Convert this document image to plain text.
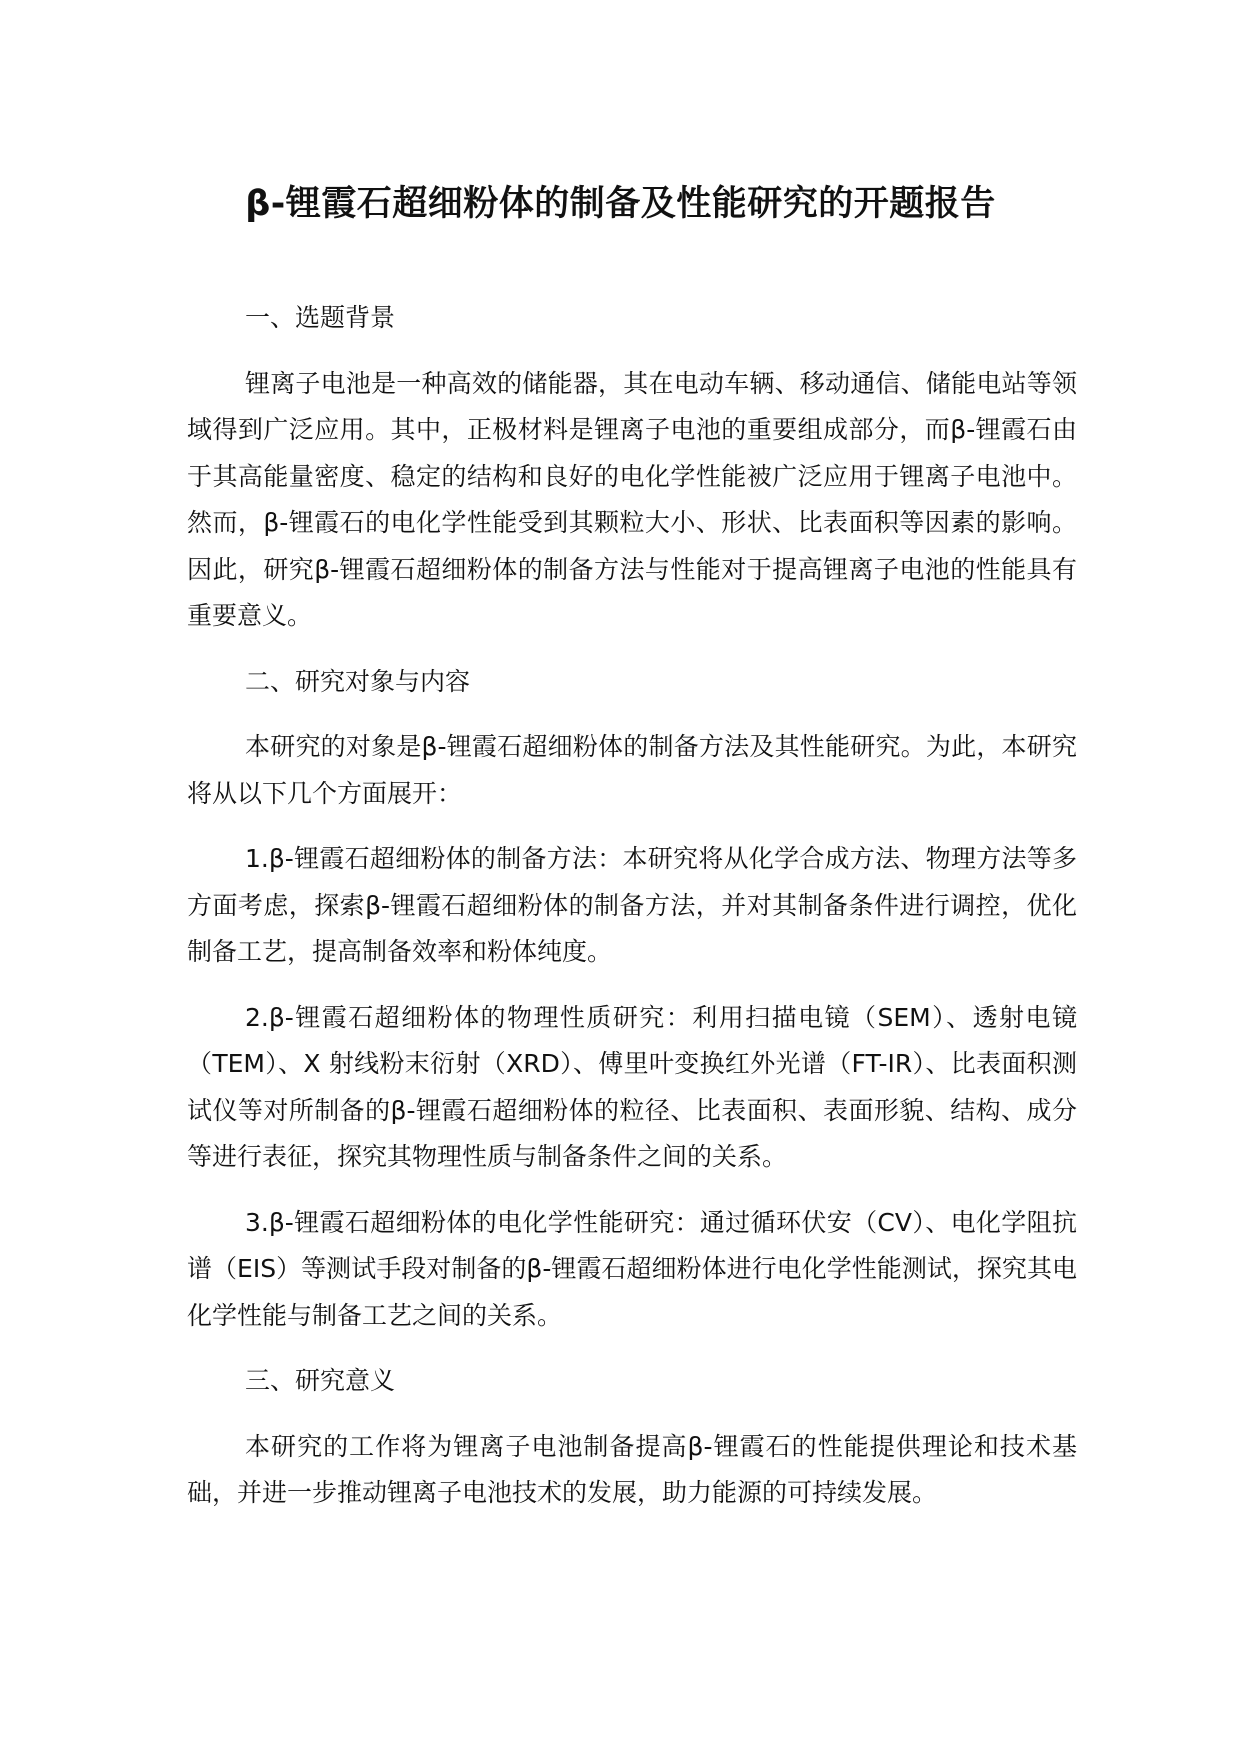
β-锂霞石超细粉体的制备及性能研究的开题报告

一、选题背景

锂离子电池是一种高效的储能器，其在电动车辆、移动通信、储能电站等领域得到广泛应用。其中，正极材料是锂离子电池的重要组成部分，而β-锂霞石由于其高能量密度、稳定的结构和良好的电化学性能被广泛应用于锂离子电池中。然而，β-锂霞石的电化学性能受到其颗粒大小、形状、比表面积等因素的影响。因此，研究β-锂霞石超细粉体的制备方法与性能对于提高锂离子电池的性能具有重要意义。

二、研究对象与内容

本研究的对象是β-锂霞石超细粉体的制备方法及其性能研究。为此，本研究将从以下几个方面展开：

1.β-锂霞石超细粉体的制备方法：本研究将从化学合成方法、物理方法等多方面考虑，探索β-锂霞石超细粉体的制备方法，并对其制备条件进行调控，优化制备工艺，提高制备效率和粉体纯度。

2.β-锂霞石超细粉体的物理性质研究：利用扫描电镜（SEM）、透射电镜（TEM）、X 射线粉末衍射（XRD）、傅里叶变换红外光谱（FT-IR）、比表面积测试仪等对所制备的β-锂霞石超细粉体的粒径、比表面积、表面形貌、结构、成分等进行表征，探究其物理性质与制备条件之间的关系。

3.β-锂霞石超细粉体的电化学性能研究：通过循环伏安（CV）、电化学阻抗谱（EIS）等测试手段对制备的β-锂霞石超细粉体进行电化学性能测试，探究其电化学性能与制备工艺之间的关系。

三、研究意义

本研究的工作将为锂离子电池制备提高β-锂霞石的性能提供理论和技术基础，并进一步推动锂离子电池技术的发展，助力能源的可持续发展。
